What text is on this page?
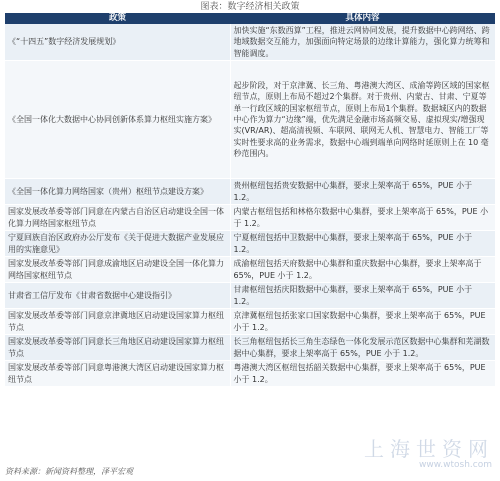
图表：数字经济相关政策
政策	具体内容
《“十四五”数字经济发展规划》	加快实施“东数西算”工程，推进云网协同发展，提升数据中心跨网络、跨地域数据交互能力，加强面向特定场景的边缘计算能力，强化算力统筹和智能调度。
《全国一体化大数据中心协同创新体系算力枢纽实施方案》	起步阶段，对于京津冀、长三角、粤港澳大湾区、成渝等跨区域的国家枢纽节点，原则上布局不超过2个集群。对于贵州、内蒙古、甘肃、宁夏等单一行政区域的国家枢纽节点，原则上布局1个集群。数据城区内的数据中心作为算力“边缘”端，优先满足金融市场高频交易、虚拟现实/增强现实(VR/AR)、超高清视频、车联网、联网无人机、智慧电力、智能工厂等实时性要求高的业务需求，数据中心端到端单向网络时延原则上在 10 毫秒范围内。
《全国一体化算力网络国家（贵州）枢纽节点建设方案》	贵州枢纽包括贵安数据中心集群，要求上架率高于 65%，PUE 小于 1.2。
国家发展改革委等部门同意在内蒙古自治区启动建设全国一体化算力网络国家枢纽节点	内蒙古枢纽包括和林格尔数据中心集群，要求上架率高于 65%，PUE 小于 1.2。
宁夏回族自治区政府办公厅发布《关于促进大数据产业发展应用的实施意见》	宁夏枢纽包括中卫数据中心集群，要求上架率高于 65%，PUE 小于 1.2。
国家发展改革委等部门同意成渝地区启动建设全国一体化算力网络国家枢纽节点	成渝枢纽包括天府数据中心集群和重庆数据中心集群，要求上架率高于 65%，PUE 小于 1.2。
甘肃省工信厅发布《甘肃省数据中心建设指引》	甘肃枢纽包括庆阳数据中心集群，要求上架率高于 65%，PUE 小于 1.2。
国家发展改革委等部门同意京津冀地区启动建设国家算力枢纽节点	京津冀枢纽包括张家口国家数据中心集群，要求上架率高于 65%，PUE 小于 1.2。
国家发展改革委等部门同意长三角地区启动建设国家算力枢纽节点	长三角枢纽包括长三角生态绿色一体化发展示范区数据中心集群和芜湖数据中心集群，要求上架率高于 65%，PUE 小于 1.2。
国家发展改革委等部门同意粤港澳大湾区启动建设国家算力枢纽节点	粤港澳大湾区枢纽包括韶关数据中心集群，要求上架率高于 65%，PUE 小于 1.2。
上海世资网
www.wtosh.com
资料来源：新闻资料整理，泽平宏观
